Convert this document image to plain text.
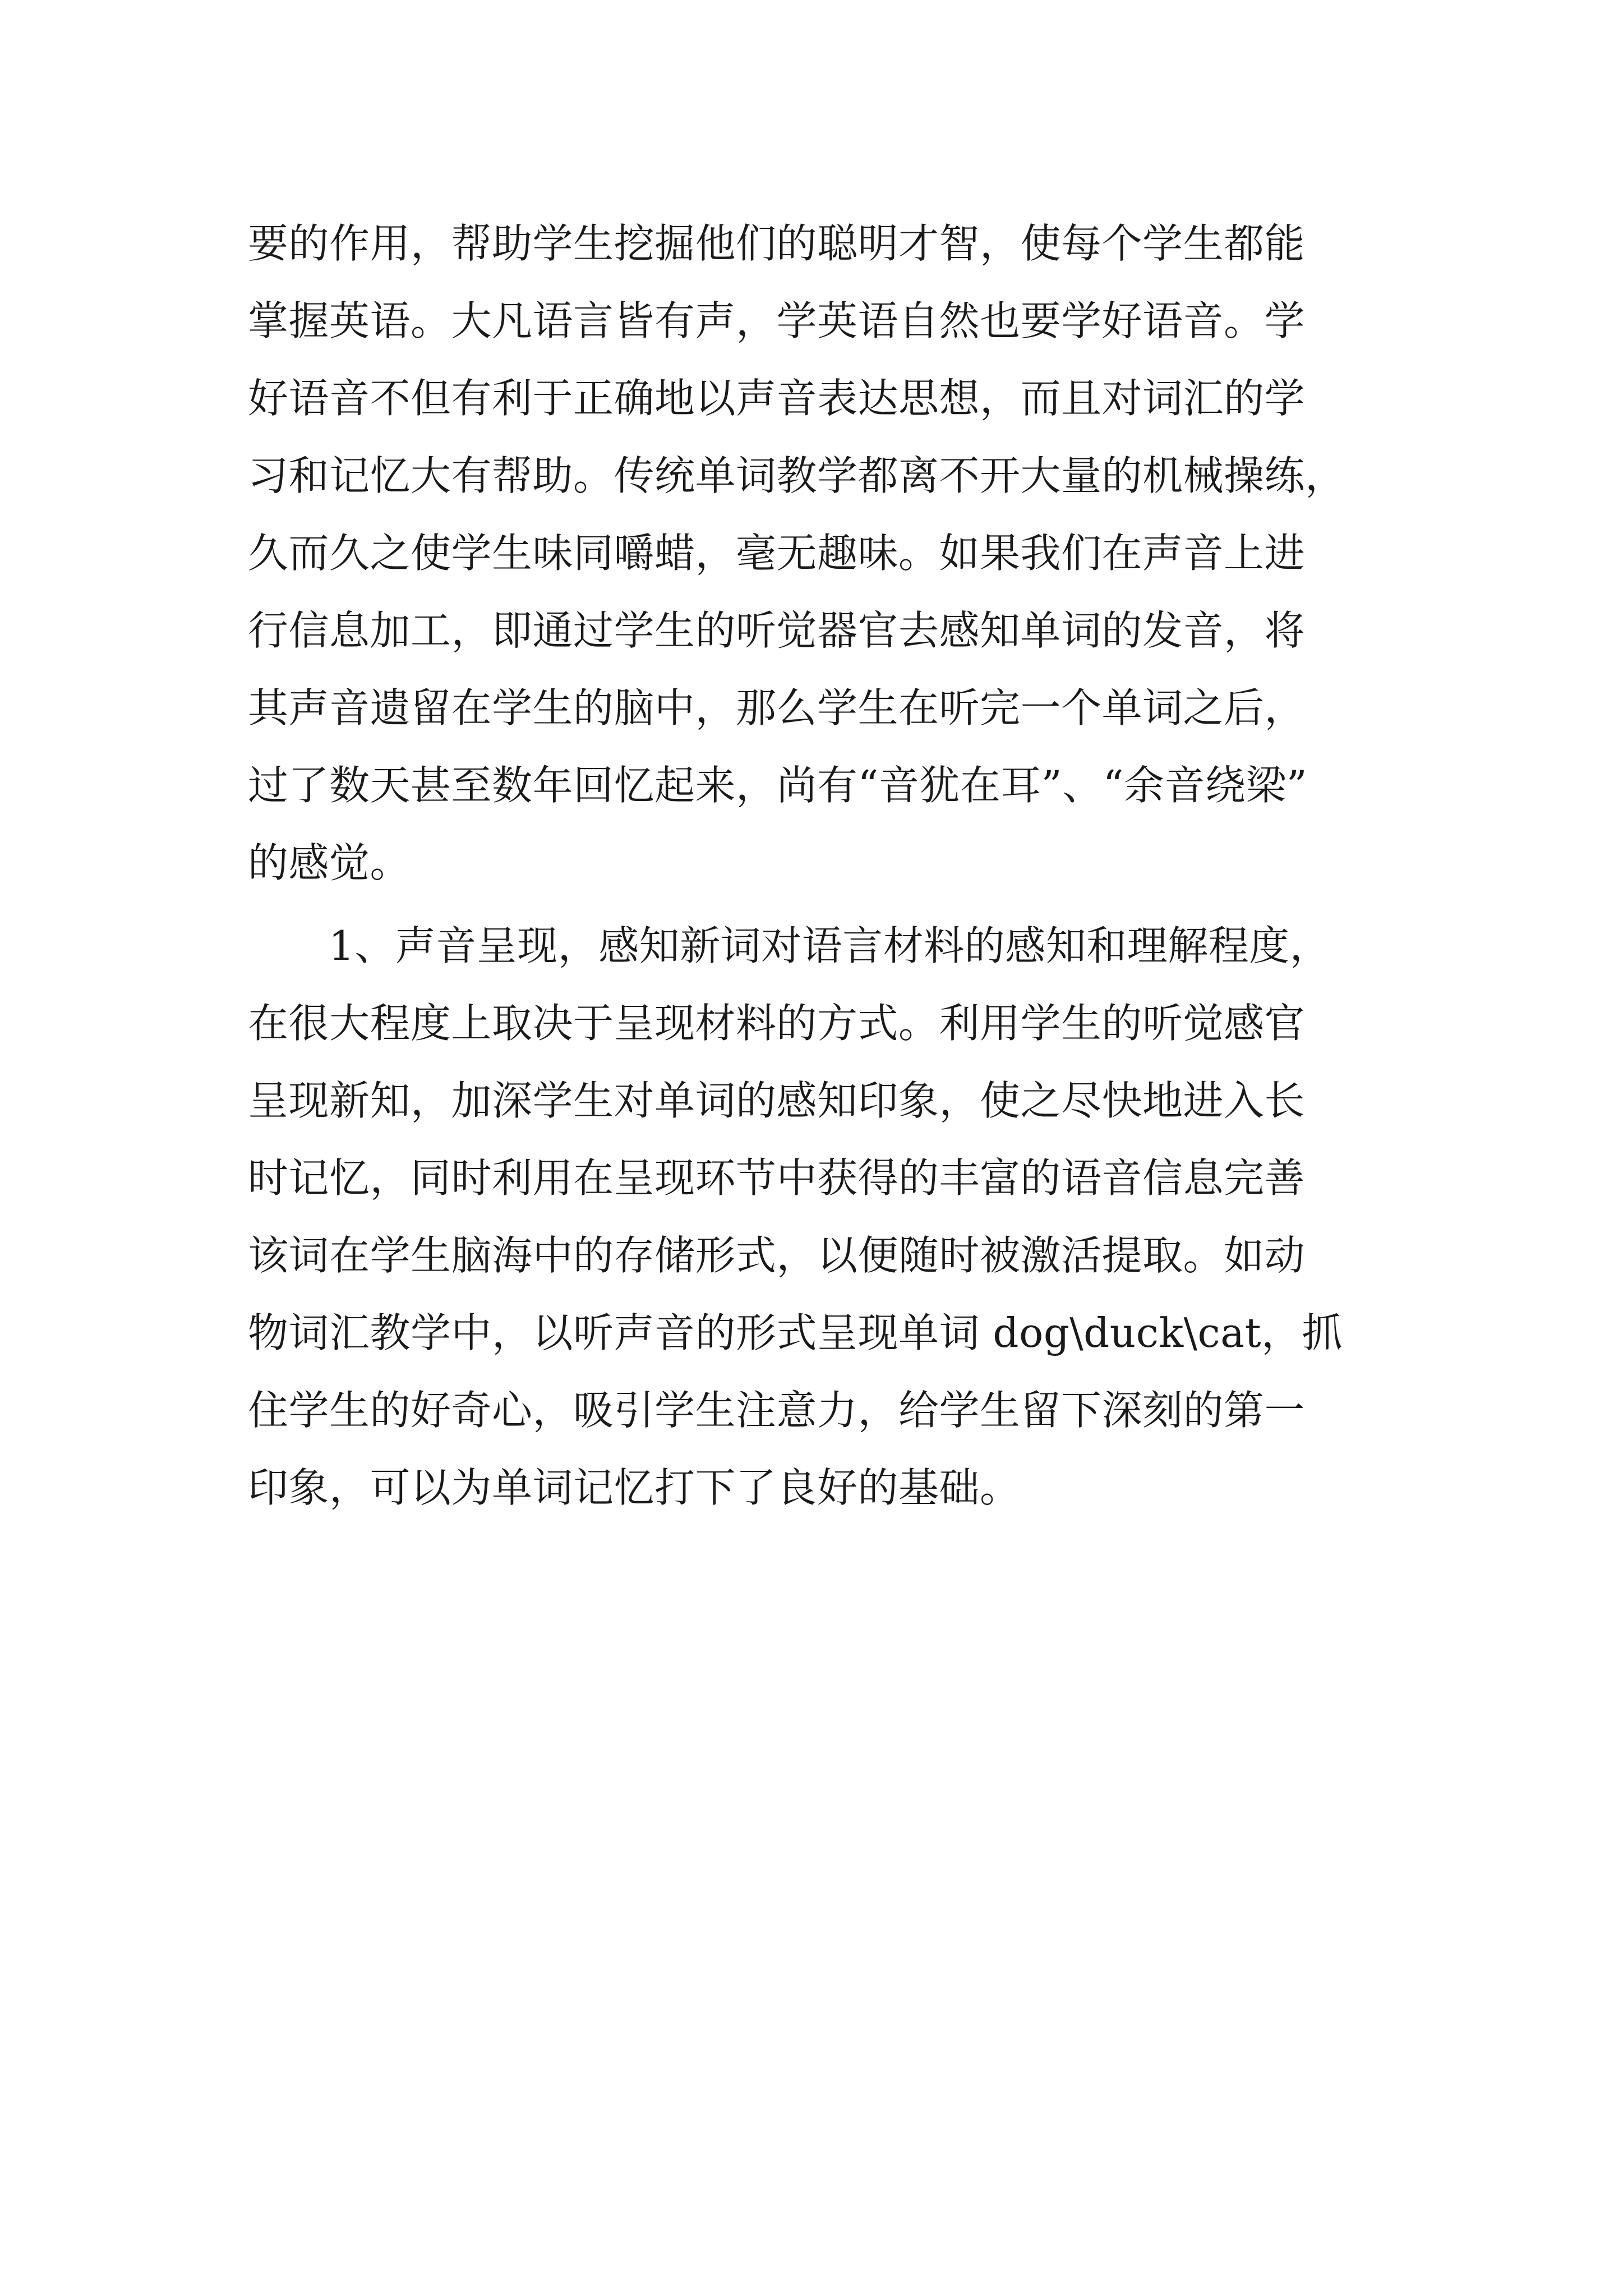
要的作用，帮助学生挖掘他们的聪明才智，使每个学生都能
掌握英语。大凡语言皆有声，学英语自然也要学好语音。学
好语音不但有利于正确地以声音表达思想，而且对词汇的学
习和记忆大有帮助。传统单词教学都离不开大量的机械操练，
久而久之使学生味同嚼蜡，毫无趣味。如果我们在声音上进
行信息加工，即通过学生的听觉器官去感知单词的发音，将
其声音遗留在学生的脑中，那么学生在听完一个单词之后，
过了数天甚至数年回忆起来，尚有“音犹在耳”、“余音绕梁”
的感觉。
1、声音呈现，感知新词对语言材料的感知和理解程度，
在很大程度上取决于呈现材料的方式。利用学生的听觉感官
呈现新知，加深学生对单词的感知印象，使之尽快地进入长
时记忆，同时利用在呈现环节中获得的丰富的语音信息完善
该词在学生脑海中的存储形式，以便随时被激活提取。如动
物词汇教学中，以听声音的形式呈现单词 dog\duck\cat，抓
住学生的好奇心，吸引学生注意力，给学生留下深刻的第一
印象，可以为单词记忆打下了良好的基础。
